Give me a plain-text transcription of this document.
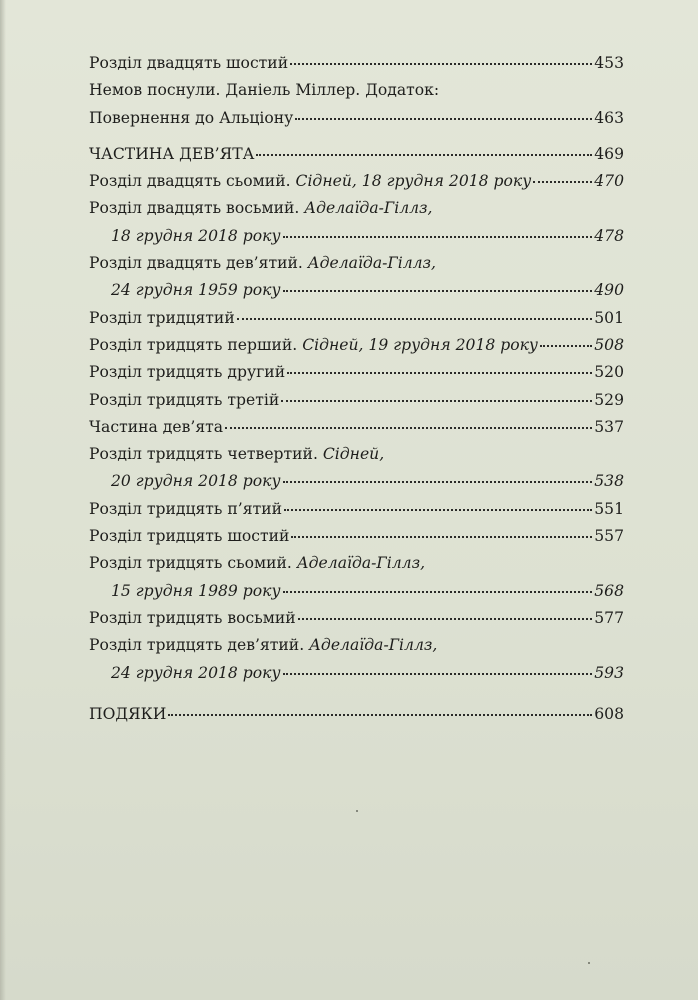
Розділ двадцять шостий	453
Немов поснули. Даніель Міллер. Додаток:
Повернення до Альціону	463
ЧАСТИНА ДЕВ’ЯТА	469
Розділ двадцять сьомий. Сідней, 18 грудня 2018 року	470
Розділ двадцять восьмий. Аделаїда-Гіллз,
18 грудня 2018 року	478
Розділ двадцять дев’ятий. Аделаїда-Гіллз,
24 грудня 1959 року	490
Розділ тридцятий	501
Розділ тридцять перший. Сідней, 19 грудня 2018 року	508
Розділ тридцять другий	520
Розділ тридцять третій	529
Частина дев’ята	537
Розділ тридцять четвертий. Сідней,
20 грудня 2018 року	538
Розділ тридцять п’ятий	551
Розділ тридцять шостий	557
Розділ тридцять сьомий. Аделаїда-Гіллз,
15 грудня 1989 року	568
Розділ тридцять восьмий	577
Розділ тридцять дев’ятий. Аделаїда-Гіллз,
24 грудня 2018 року	593
ПОДЯКИ	608
